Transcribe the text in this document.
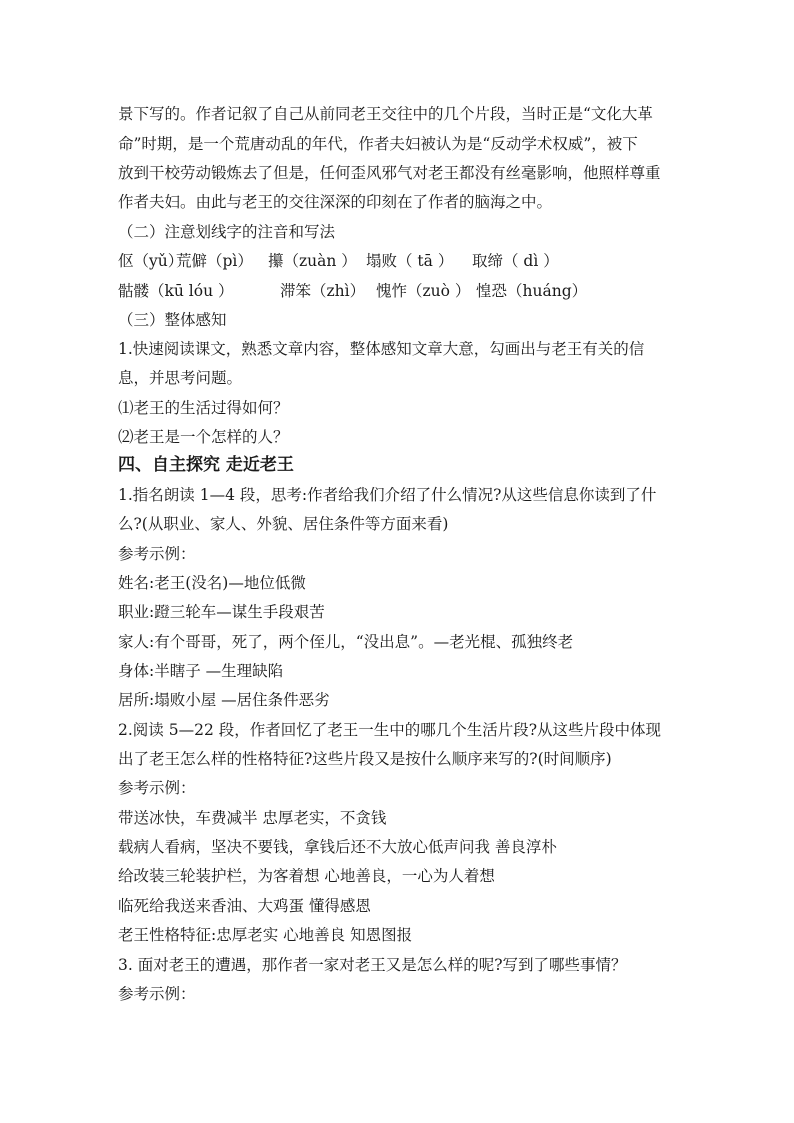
景下写的。作者记叙了自己从前同老王交往中的几个片段，当时正是“文化大革
命”时期，是一个荒唐动乱的年代，作者夫妇被认为是“反动学术权威”，被下
放到干校劳动锻炼去了但是，任何歪风邪气对老王都没有丝毫影响，他照样尊重
作者夫妇。由此与老王的交往深深的印刻在了作者的脑海之中。
（二）注意划线字的注音和写法
伛（yǔ）
荒僻（pì） 攥（zuàn ） 塌败（ tā ）	取缔（ dì ）
骷髅（kū lóu ）	滞笨（zhì） 愧怍（zuò ） 惶恐（huáng）
（三）整体感知
1.快速阅读课文，熟悉文章内容，整体感知文章大意，勾画出与老王有关的信
息，并思考问题。
⑴老王的生活过得如何？
⑵老王是一个怎样的人？
四、自主探究 走近老王
1.指名朗读 1—4 段，思考:作者给我们介绍了什么情况?从这些信息你读到了什
么?(从职业、家人、外貌、居住条件等方面来看)
参考示例：
姓名:老王(没名)—地位低微
职业:蹬三轮车—谋生手段艰苦
家人:有个哥哥，死了，两个侄儿，“没出息”。—老光棍、孤独终老
身体:半瞎子 —生理缺陷
居所:塌败小屋 —居住条件恶劣
2.阅读 5—22 段，作者回忆了老王一生中的哪几个生活片段?从这些片段中体现
出了老王怎么样的性格特征?这些片段又是按什么顺序来写的?(时间顺序)
参考示例：
带送冰快，车费减半 忠厚老实，不贪钱
载病人看病，坚决不要钱，拿钱后还不大放心低声问我 善良淳朴
给改装三轮装护栏，为客着想 心地善良，一心为人着想
临死给我送来香油、大鸡蛋 懂得感恩
老王性格特征:忠厚老实 心地善良 知恩图报
3. 面对老王的遭遇，那作者一家对老王又是怎么样的呢?写到了哪些事情？
参考示例：
